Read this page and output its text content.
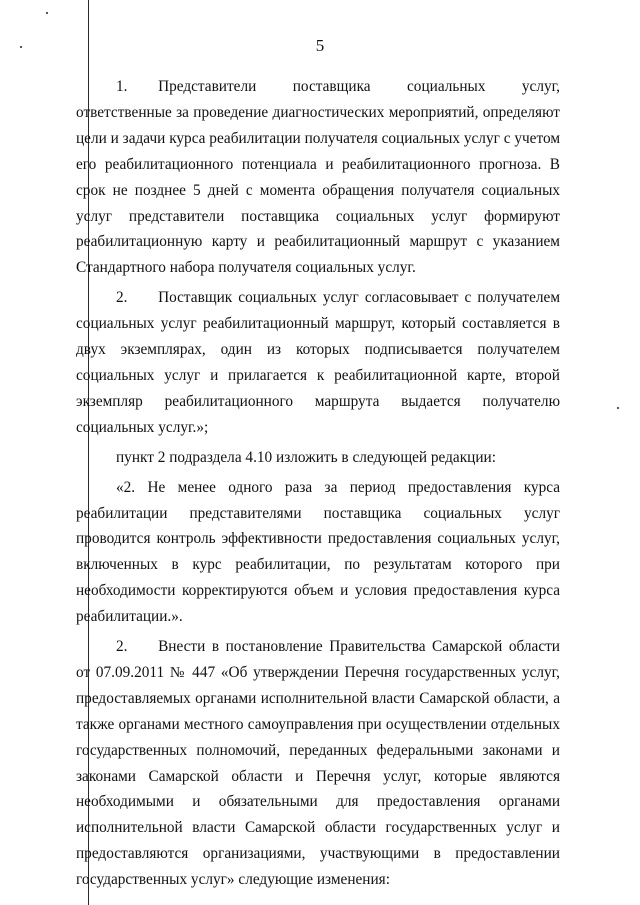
5

1.  Представители поставщика социальных услуг, ответственные за проведение диагностических мероприятий, определяют цели и задачи курса реабилитации получателя социальных услуг с учетом его реабилитационного потенциала и реабилитационного прогноза. В срок не позднее 5 дней с момента обращения получателя социальных услуг представители поставщика социальных услуг формируют реабилитационную карту и реабилитационный маршрут с указанием Стандартного набора получателя социальных услуг.

2.  Поставщик социальных услуг согласовывает с получателем социальных услуг реабилитационный маршрут, который составляется в двух экземплярах, один из которых подписывается получателем социальных услуг и прилагается к реабилитационной карте, второй экземпляр реабилитационного маршрута выдается получателю социальных услуг.»;

пункт 2 подраздела 4.10 изложить в следующей редакции:

«2. Не менее одного раза за период предоставления курса реабилитации представителями поставщика социальных услуг проводится контроль эффективности предоставления социальных услуг, включенных в курс реабилитации, по результатам которого при необходимости корректируются объем и условия предоставления курса реабилитации.».

2.  Внести в постановление Правительства Самарской области от 07.09.2011 № 447 «Об утверждении Перечня государственных услуг, предоставляемых органами исполнительной власти Самарской области, а также органами местного самоуправления при осуществлении отдельных государственных полномочий, переданных федеральными законами и законами Самарской области и Перечня услуг, которые являются необходимыми и обязательными для предоставления органами исполнительной власти Самарской области государственных услуг и предоставляются организациями, участвующими в предоставлении государственных услуг» следующие изменения:
